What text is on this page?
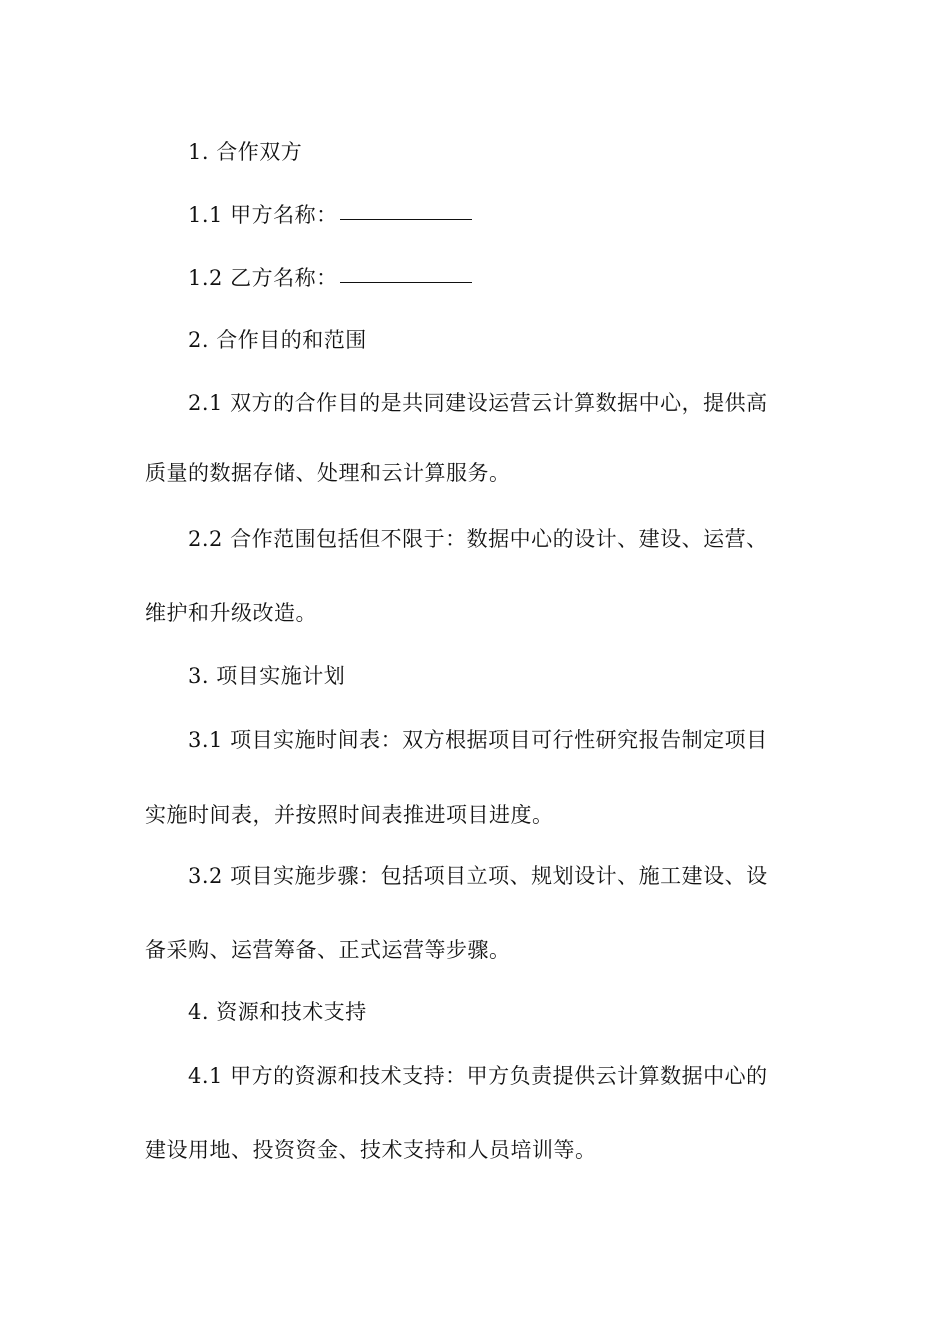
1. 合作双方
1.1 甲方名称：
1.2 乙方名称：
2. 合作目的和范围
2.1 双方的合作目的是共同建设运营云计算数据中心，提供高
质量的数据存储、处理和云计算服务。
2.2 合作范围包括但不限于：数据中心的设计、建设、运营、
维护和升级改造。
3. 项目实施计划
3.1 项目实施时间表：双方根据项目可行性研究报告制定项目
实施时间表，并按照时间表推进项目进度。
3.2 项目实施步骤：包括项目立项、规划设计、施工建设、设
备采购、运营筹备、正式运营等步骤。
4. 资源和技术支持
4.1 甲方的资源和技术支持：甲方负责提供云计算数据中心的
建设用地、投资资金、技术支持和人员培训等。
